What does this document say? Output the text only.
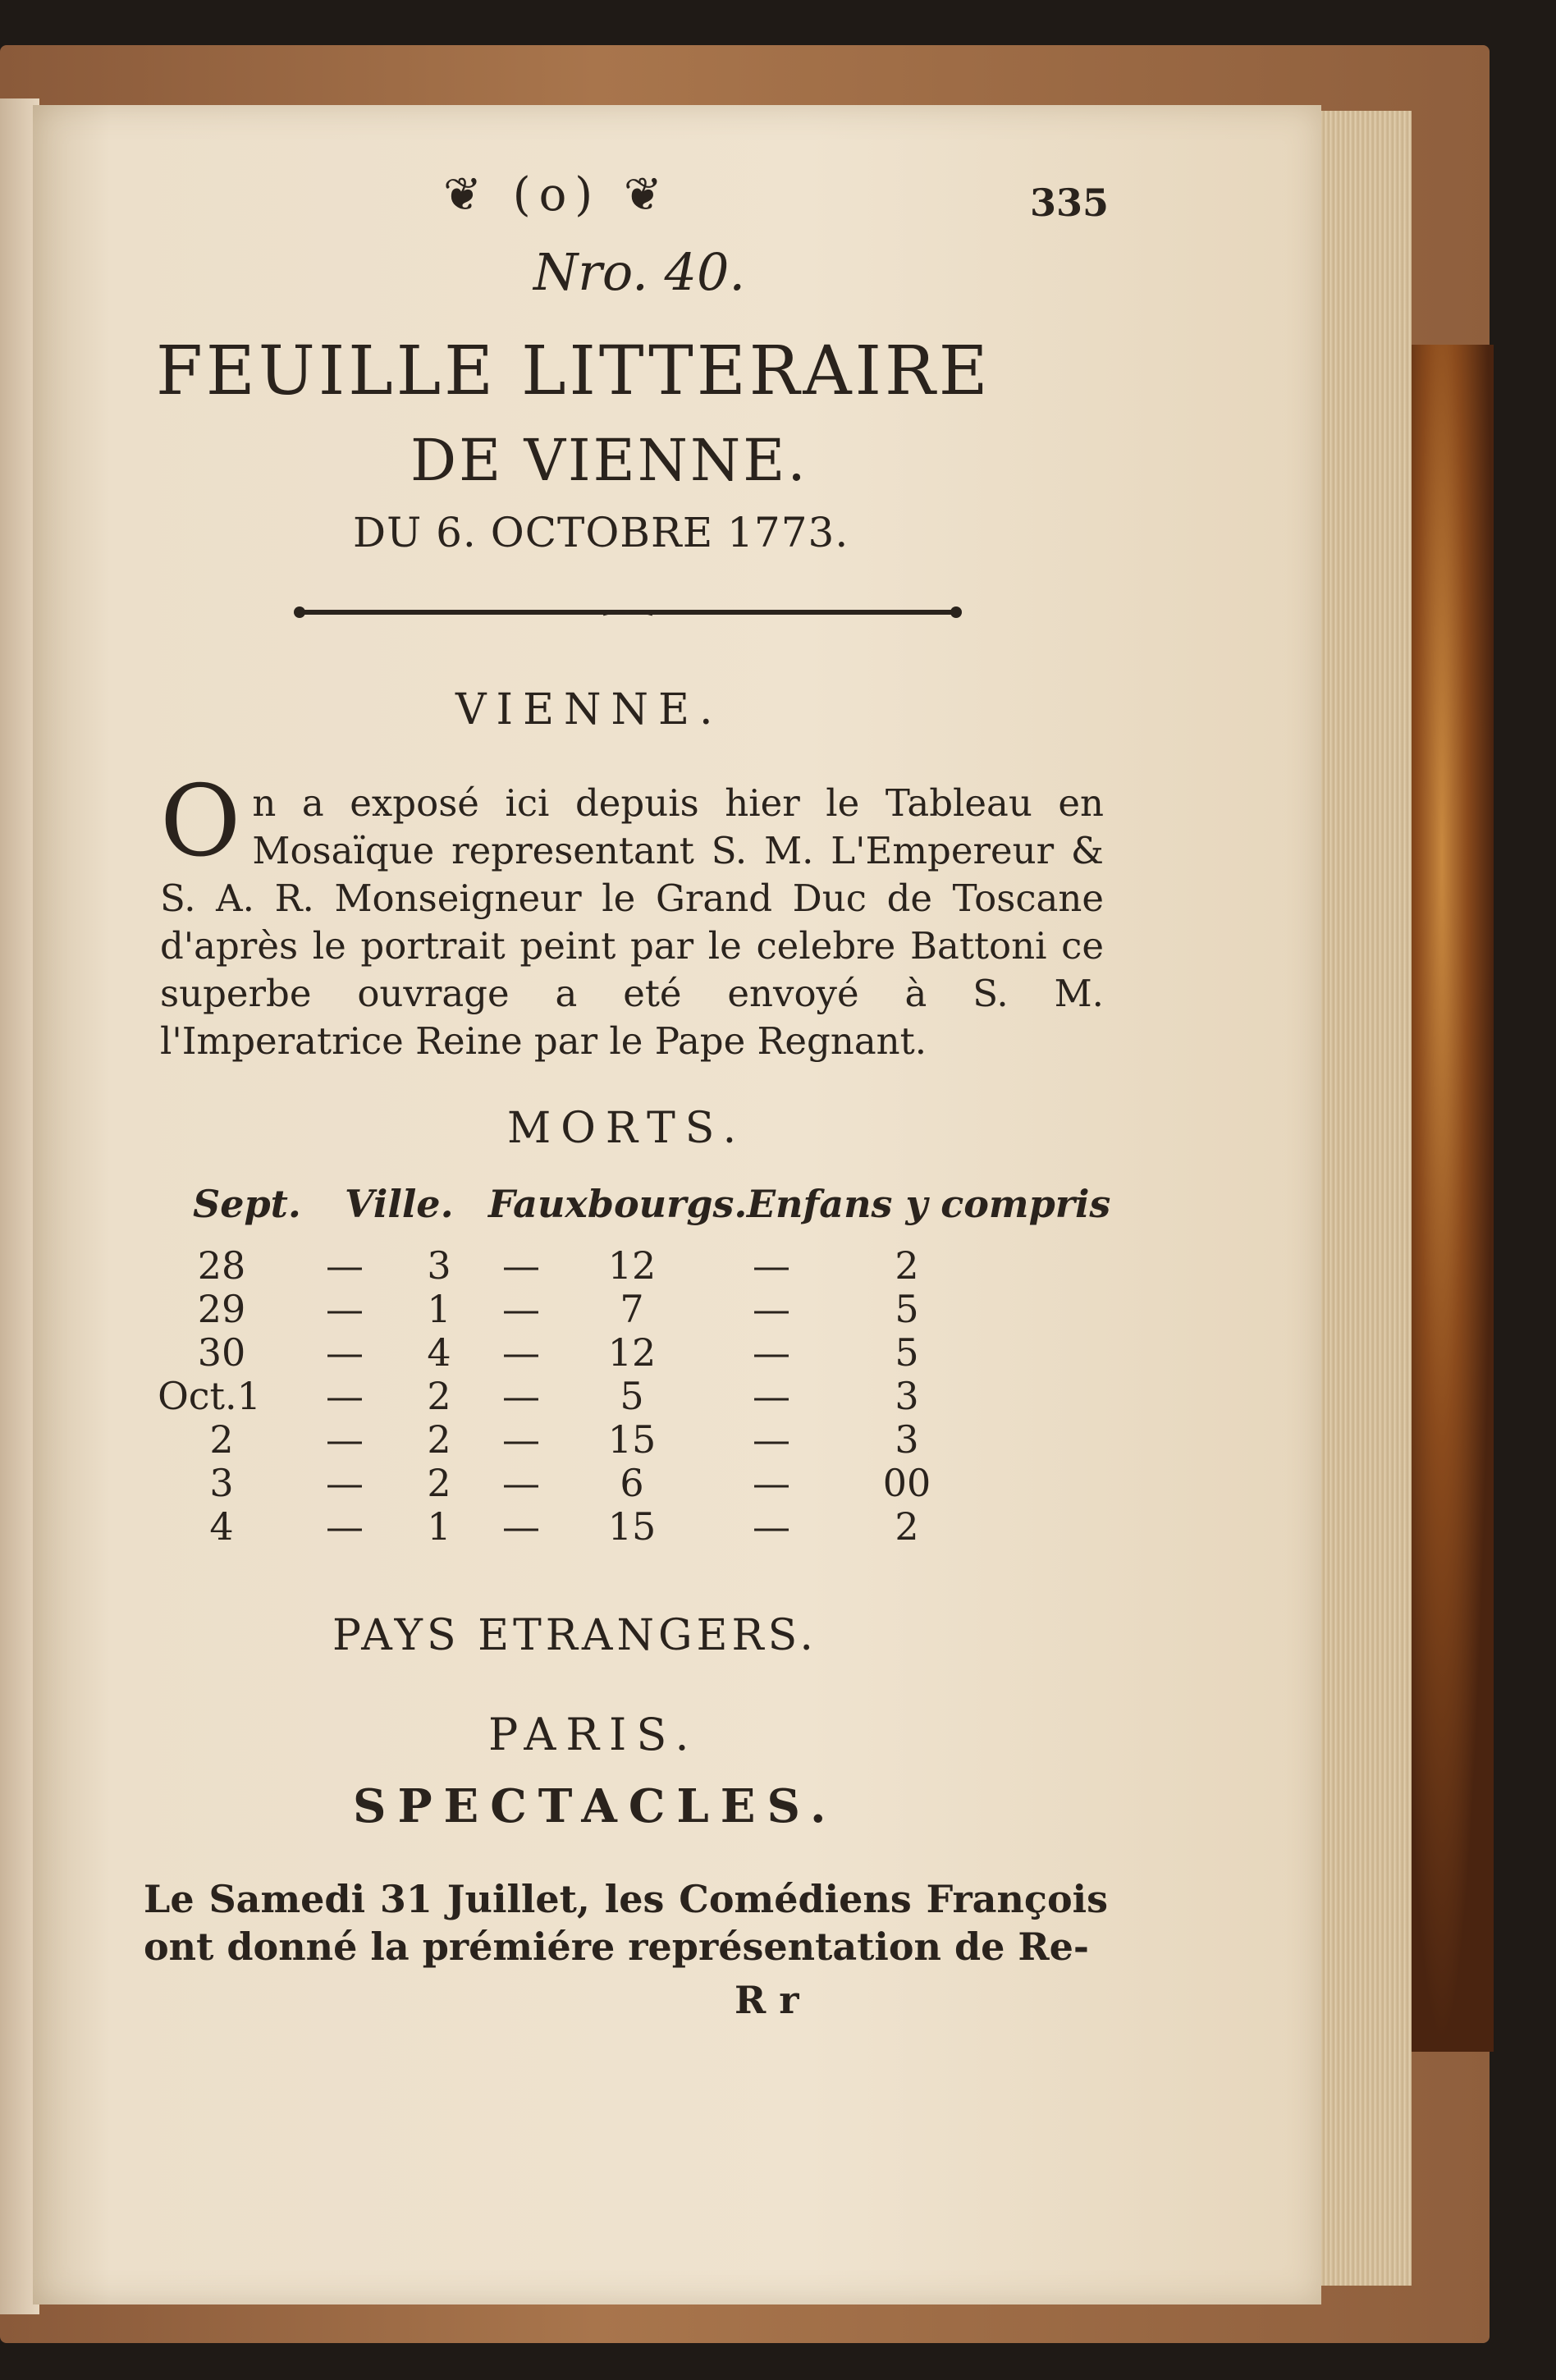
❦ (o) ❦	335
Nro. 40.
FEUILLE LITTERAIRE
DE VIENNE.
DU 6. OCTOBRE 1773.
VIENNE.
On a exposé ici depuis hier le Tableau en Mosaïque representant S. M. L'Empereur & S. A. R. Monseigneur le Grand Duc de Toscane d'après le portrait peint par le celebre Battoni ce superbe ouvrage a eté envoyé à S. M. l'Imperatrice Reine par le Pape Regnant.
MORTS.
Sept. Ville. Fauxbourgs. Enfans y compris
28	— 3 — 12	—	2
29	— 1 —	7	—	5
30	— 4 — 12	—	5
Oct.1 — 2 —	5	—	3
2	— 2 — 15	—	3
3	— 2 —	6	— 00
4	— 1 — 15	—	2
PAYS ETRANGERS.
PARIS.
SPECTACLES.
Le Samedi 31 Juillet, les Comédiens François ont donné la prémiére représentation de Re-
R r
